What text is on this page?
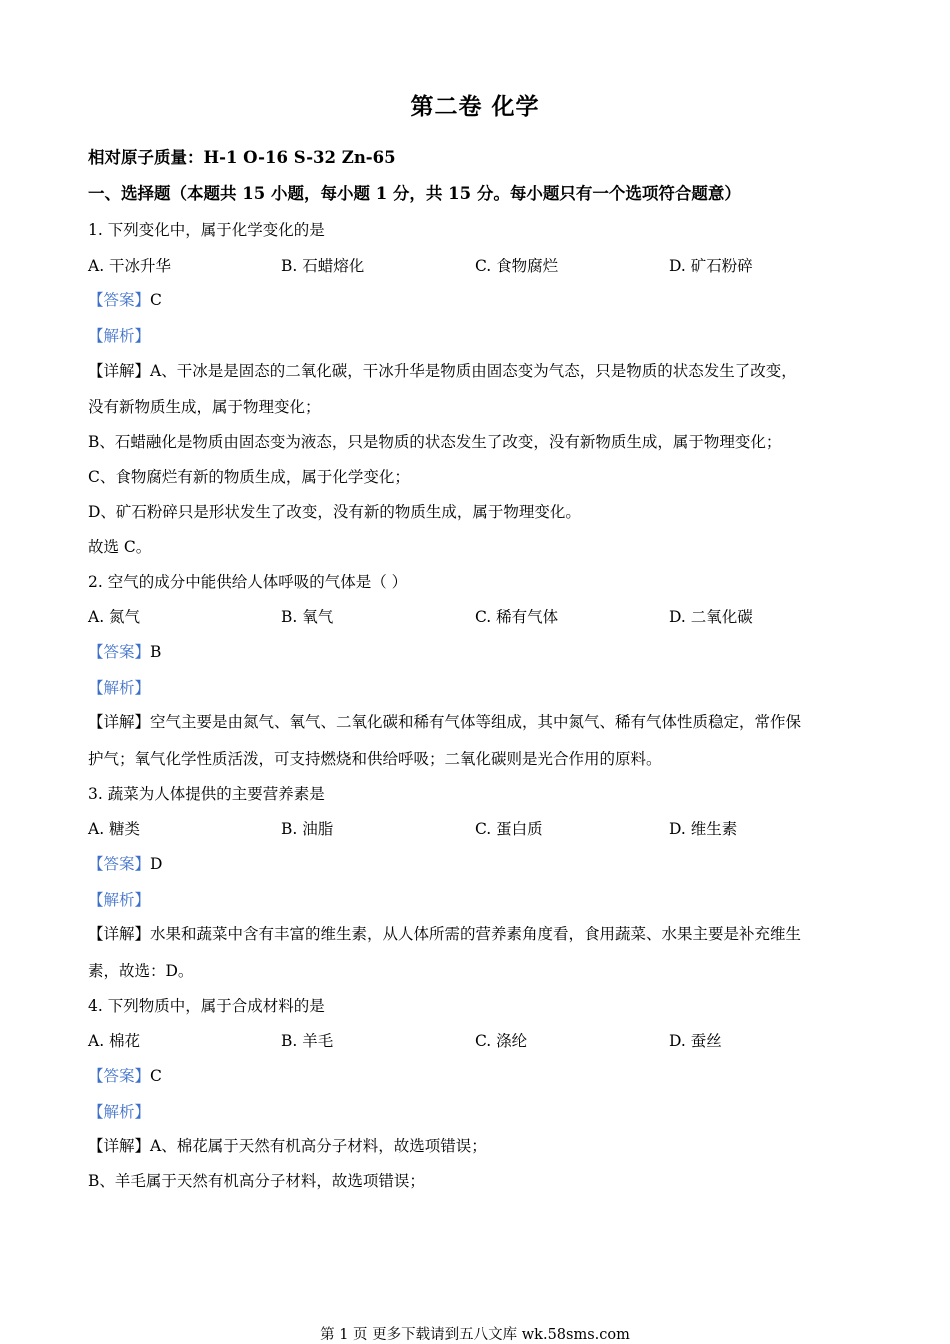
第二卷 化学
相对原子质量：H-1 O-16 S-32 Zn-65
一、选择题（本题共 15 小题，每小题 1 分，共 15 分。每小题只有一个选项符合题意）
1. 下列变化中，属于化学变化的是
A. 干冰升华	B. 石蜡熔化	C. 食物腐烂	D. 矿石粉碎
【答案】C
【解析】
【详解】A、干冰是是固态的二氧化碳，干冰升华是物质由固态变为气态，只是物质的状态发生了改变，
没有新物质生成，属于物理变化；
B、石蜡融化是物质由固态变为液态，只是物质的状态发生了改变，没有新物质生成，属于物理变化；
C、食物腐烂有新的物质生成，属于化学变化；
D、矿石粉碎只是形状发生了改变，没有新的物质生成，属于物理变化。
故选 C。
2. 空气的成分中能供给人体呼吸的气体是（ ）
A. 氮气	B. 氧气	C. 稀有气体	D. 二氧化碳
【答案】B
【解析】
【详解】空气主要是由氮气、氧气、二氧化碳和稀有气体等组成，其中氮气、稀有气体性质稳定，常作保
护气；氧气化学性质活泼，可支持燃烧和供给呼吸；二氧化碳则是光合作用的原料。
3. 蔬菜为人体提供的主要营养素是
A. 糖类	B. 油脂	C. 蛋白质	D. 维生素
【答案】D
【解析】
【详解】水果和蔬菜中含有丰富的维生素，从人体所需的营养素角度看，食用蔬菜、水果主要是补充维生
素，故选：D。
4. 下列物质中，属于合成材料的是
A. 棉花	B. 羊毛	C. 涤纶	D. 蚕丝
【答案】C
【解析】
【详解】A、棉花属于天然有机高分子材料，故选项错误；
B、羊毛属于天然有机高分子材料，故选项错误；
第 1 页 更多下载请到五八文库 wk.58sms.com
